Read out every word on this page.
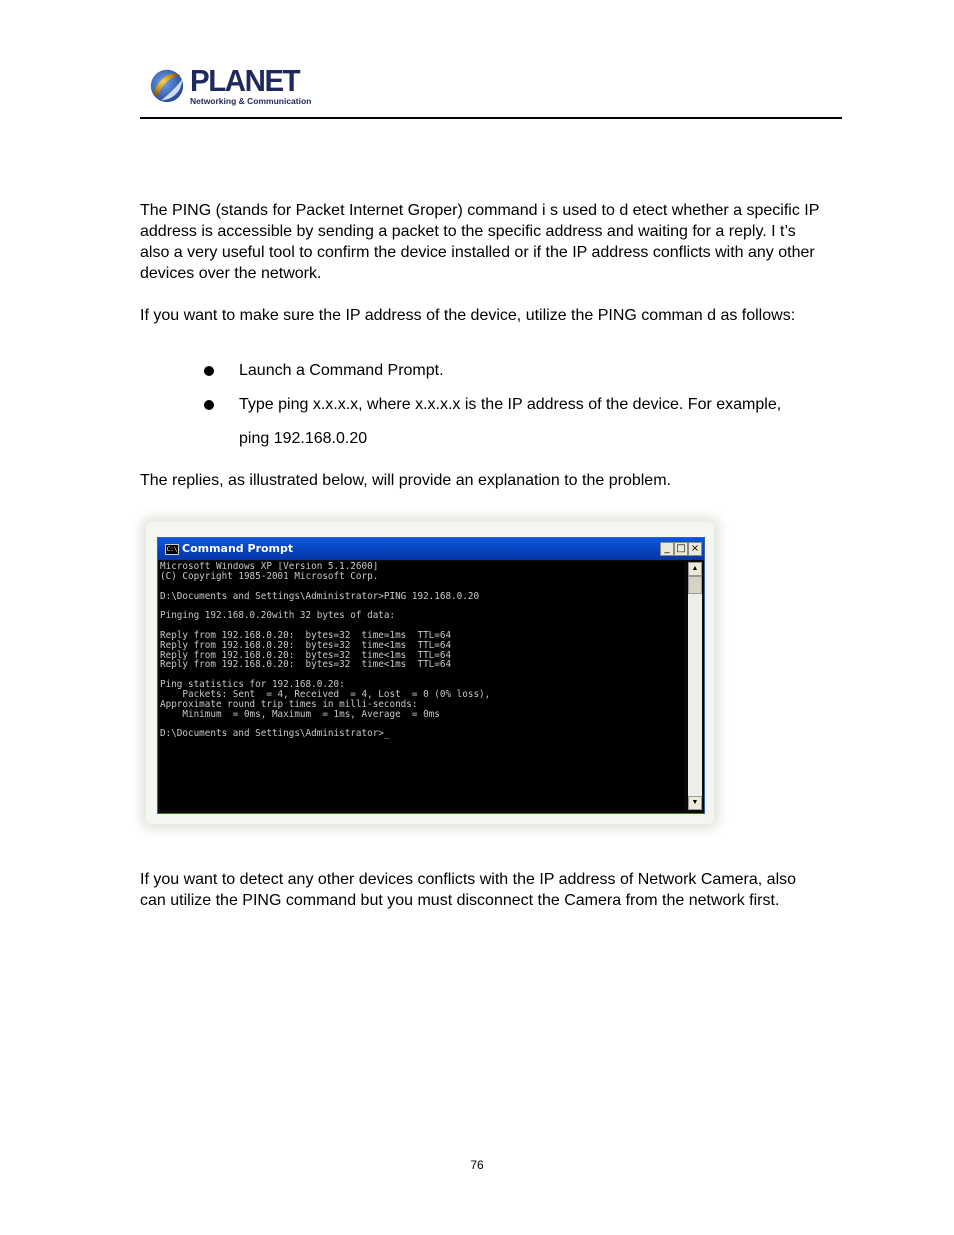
PLANET
Networking & Communication
The PING (stands for Packet Internet Groper) command i s used to d etect whether a specific IP address is accessible by sending a packet to the specific address and waiting for a reply. I t’s also a very useful tool to confirm the device installed or if the IP address conflicts with any other devices over the network.
If you want to make sure the IP address of the device, utilize the PING comman d as follows:
Launch a Command Prompt.
Type ping x.x.x.x, where x.x.x.x is the IP address of the device. For example,
ping 192.168.0.20
The replies, as illustrated below, will provide an explanation to the problem.
C:\ Command Prompt	_ □ ×
Microsoft Windows XP [Version 5.1.2600]
(C) Copyright 1985-2001 Microsoft Corp.
D:\Documents and Settings\Administrator>PING 192.168.0.20
Pinging 192.168.0.20with 32 bytes of data:
Reply from 192.168.0.20:  bytes=32  time=1ms  TTL=64
Reply from 192.168.0.20:  bytes=32  time<1ms  TTL=64
Reply from 192.168.0.20:  bytes=32  time<1ms  TTL=64
Reply from 192.168.0.20:  bytes=32  time<1ms  TTL=64
Ping statistics for 192.168.0.20:
Packets: Sent  = 4, Received  = 4, Lost  = 0 (0% loss),
Approximate round trip times in milli-seconds:
Minimum  = 0ms, Maximum  = 1ms, Average  = 0ms
D:\Documents and Settings\Administrator>_
▲
▼
If you want to detect any other devices conflicts with the IP address of Network Camera, also can utilize the PING command but you must disconnect the Camera from the network first.
76
